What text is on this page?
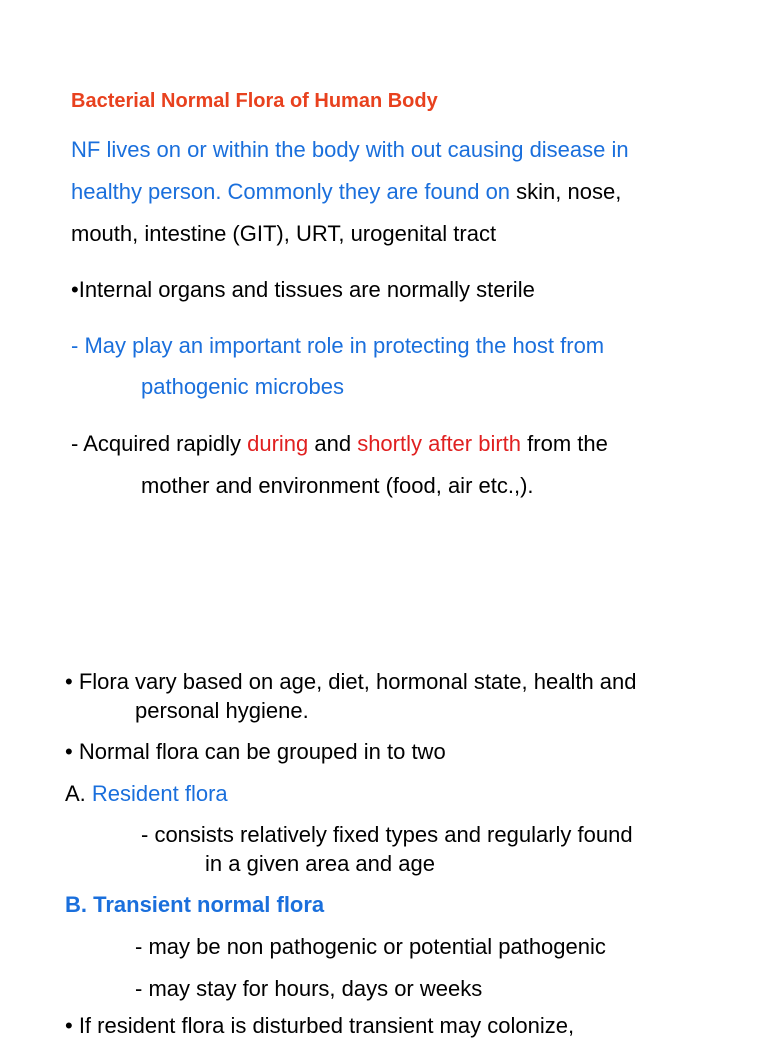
Bacterial Normal Flora of Human Body
NF lives on or within the body with out causing disease in
healthy person. Commonly they are found on skin, nose,
mouth, intestine (GIT), URT, urogenital tract
•Internal organs and tissues are normally sterile
- May play an important role in protecting the host from
pathogenic microbes
- Acquired rapidly during and shortly after birth from the
mother and environment (food, air etc.,).
• Flora vary based on age, diet, hormonal state, health and
personal hygiene.
• Normal flora can be grouped in to two
A. Resident flora
- consists relatively fixed types and regularly found
in a given area and age
B. Transient normal flora
- may be non pathogenic or potential pathogenic
- may stay for hours, days or weeks
• If resident flora is disturbed transient may colonize,
